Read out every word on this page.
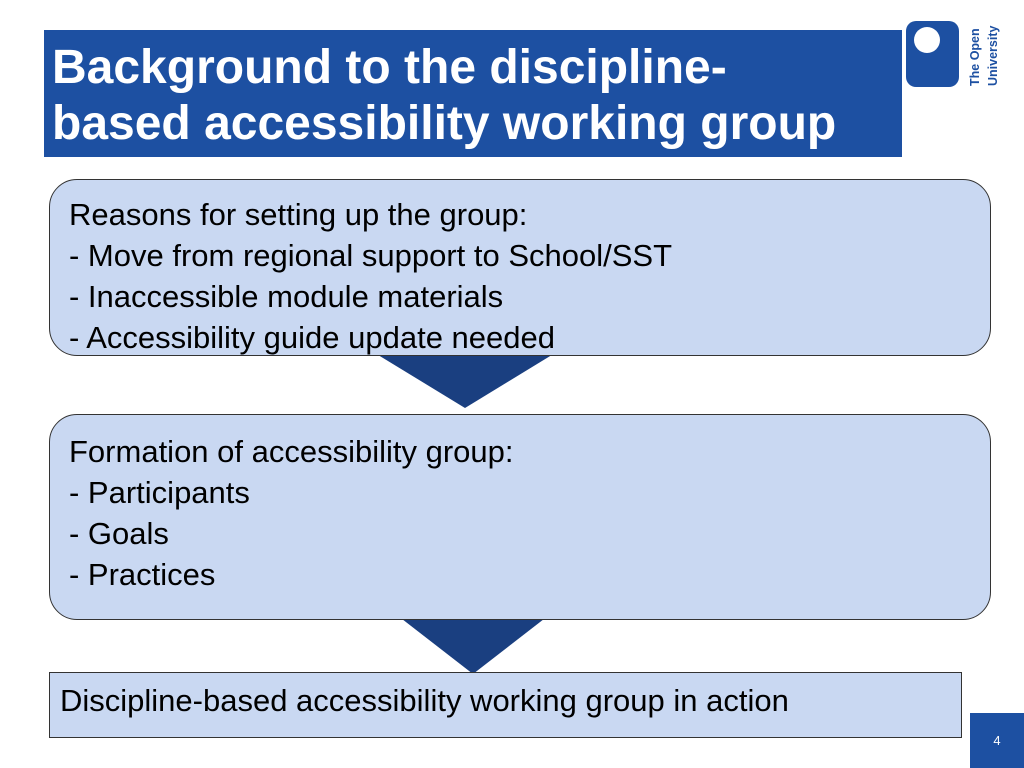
Background to the discipline-
based accessibility working group
The Open University
Reasons for setting up the group:
- Move from regional support to School/SST
- Inaccessible module materials
- Accessibility guide update needed
Formation of accessibility group:
- Participants
- Goals
- Practices
Discipline-based accessibility working group in action
4
